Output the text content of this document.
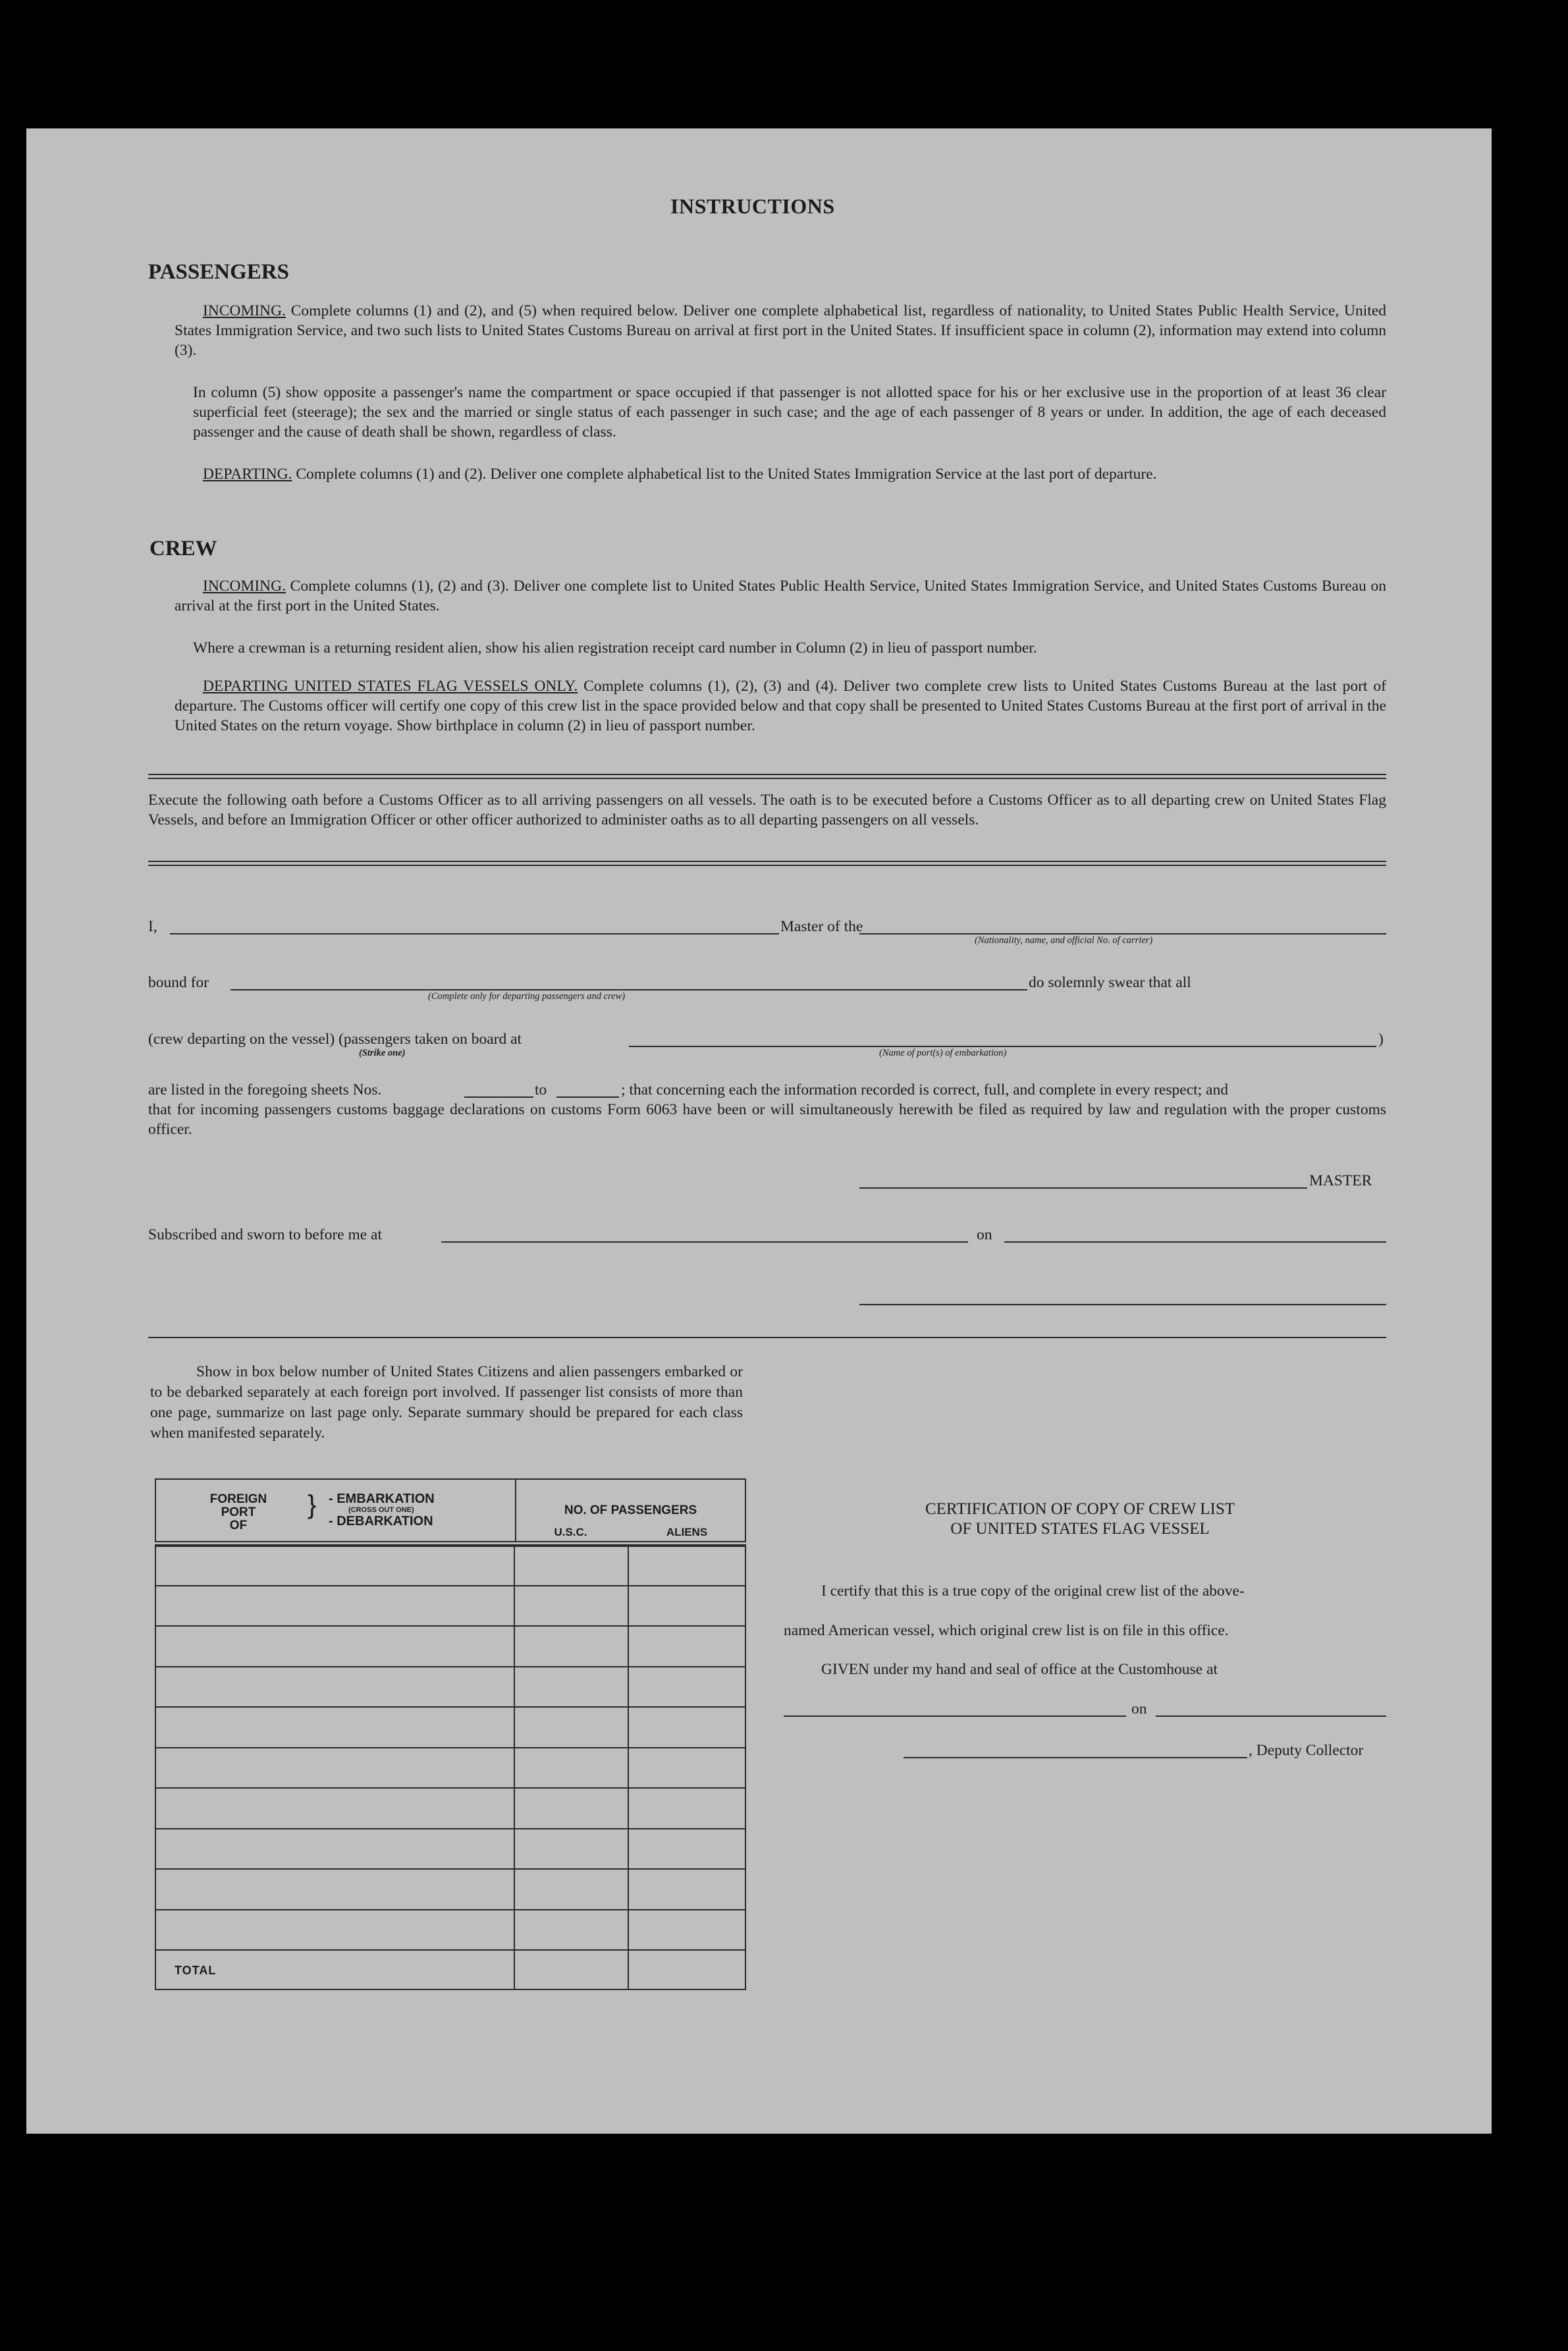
INSTRUCTIONS
PASSENGERS
INCOMING. Complete columns (1) and (2), and (5) when required below. Deliver one complete alphabetical list, regardless of nationality, to United States Public Health Service, United States Immigration Service, and two such lists to United States Customs Bureau on arrival at first port in the United States. If insufficient space in column (2), information may extend into column (3).
In column (5) show opposite a passenger's name the compartment or space occupied if that passenger is not allotted space for his or her exclusive use in the proportion of at least 36 clear superficial feet (steerage); the sex and the married or single status of each passenger in such case; and the age of each passenger of 8 years or under. In addition, the age of each deceased passenger and the cause of death shall be shown, regardless of class.
DEPARTING. Complete columns (1) and (2). Deliver one complete alphabetical list to the United States Immigration Service at the last port of departure.
CREW
INCOMING. Complete columns (1), (2) and (3). Deliver one complete list to United States Public Health Service, United States Immigration Service, and United States Customs Bureau on arrival at the first port in the United States.
Where a crewman is a returning resident alien, show his alien registration receipt card number in Column (2) in lieu of passport number.
DEPARTING UNITED STATES FLAG VESSELS ONLY. Complete columns (1), (2), (3) and (4). Deliver two complete crew lists to United States Customs Bureau at the last port of departure. The Customs officer will certify one copy of this crew list in the space provided below and that copy shall be presented to United States Customs Bureau at the first port of arrival in the United States on the return voyage. Show birthplace in column (2) in lieu of passport number.
Execute the following oath before a Customs Officer as to all arriving passengers on all vessels. The oath is to be executed before a Customs Officer as to all departing crew on United States Flag Vessels, and before an Immigration Officer or other officer authorized to administer oaths as to all departing passengers on all vessels.
I,	Master of the
(Nationality, name, and official No. of carrier)
bound for
(Complete only for departing passengers and crew)
do solemnly swear that all
(crew departing on the vessel) (passengers taken on board at	)
(Strike one)	(Name of port(s) of embarkation)
are listed in the foregoing sheets Nos.	to	; that concerning each the information recorded is correct, full, and complete in every respect; and
that for incoming passengers customs baggage declarations on customs Form 6063 have been or will simultaneously herewith be filed as required by law and regulation with the proper customs officer.
MASTER
Subscribed and sworn to before me at	on
Show in box below number of United States Citizens and alien passengers embarked or to be debarked separately at each foreign port involved. If passenger list consists of more than one page, summarize on last page only. Separate summary should be prepared for each class when manifested separately.
FOREIGN
PORT
OF
} - EMBARKATION
(CROSS OUT ONE)
- DEBARKATION
	NO. OF PASSENGERS

U.S.C.	ALIENS
TOTAL
CERTIFICATION OF COPY OF CREW LIST
OF UNITED STATES FLAG VESSEL
I certify that this is a true copy of the original crew list of the above-
named American vessel, which original crew list is on file in this office.
GIVEN under my hand and seal of office at the Customhouse at
on
, Deputy Collector
